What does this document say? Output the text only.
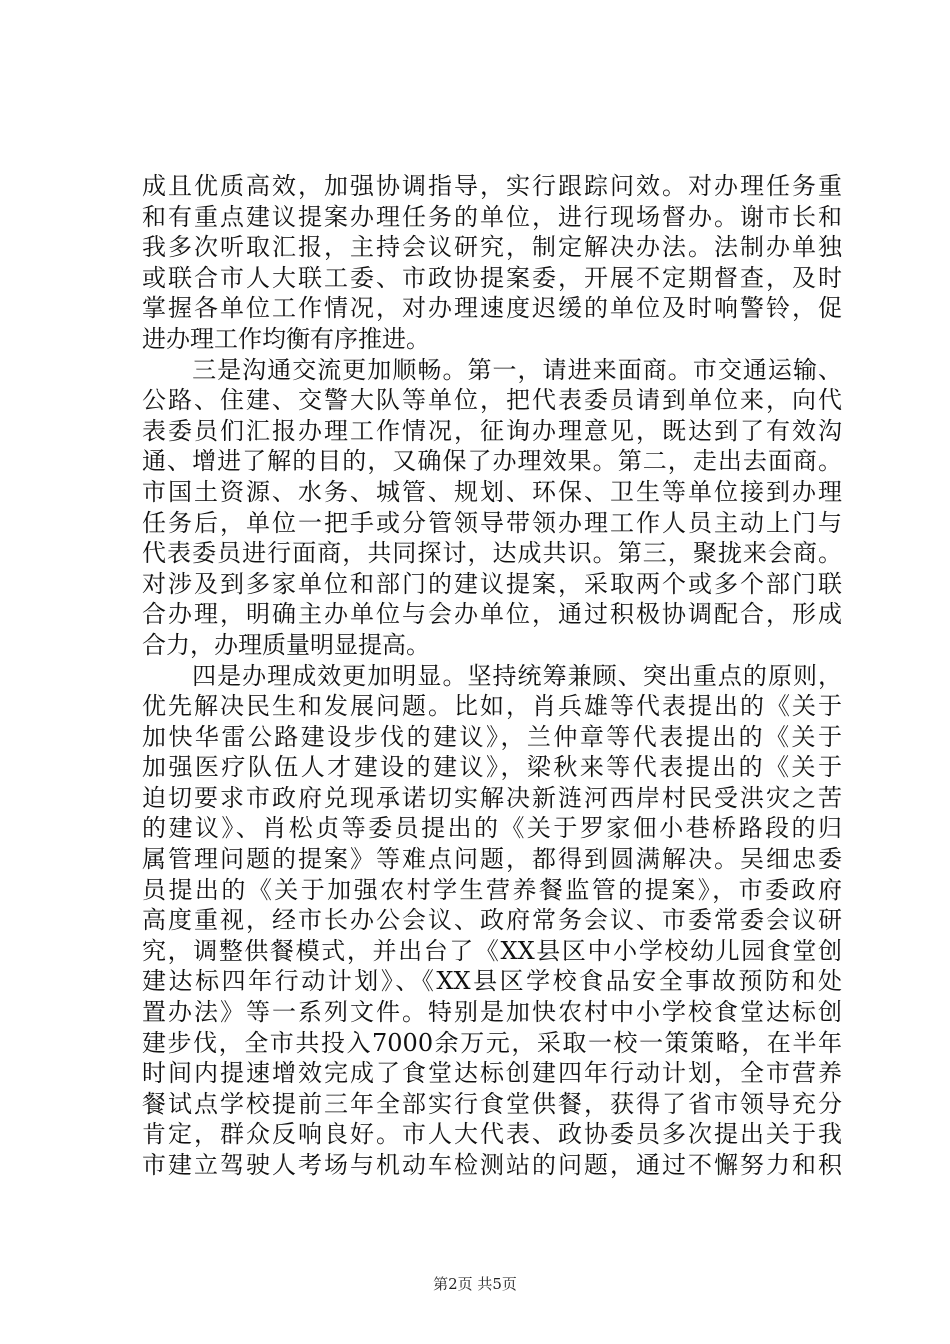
成且优质高效，加强协调指导，实行跟踪问效。对办理任务重
和有重点建议提案办理任务的单位，进行现场督办。谢市长和
我多次听取汇报，主持会议研究，制定解决办法。法制办单独
或联合市人大联工委、市政协提案委，开展不定期督查，及时
掌握各单位工作情况，对办理速度迟缓的单位及时响警铃，促
进办理工作均衡有序推进。
　　三是沟通交流更加顺畅。第一，请进来面商。市交通运输、
公路、住建、交警大队等单位，把代表委员请到单位来，向代
表委员们汇报办理工作情况，征询办理意见，既达到了有效沟
通、增进了解的目的，又确保了办理效果。第二，走出去面商。
市国土资源、水务、城管、规划、环保、卫生等单位接到办理
任务后，单位一把手或分管领导带领办理工作人员主动上门与
代表委员进行面商，共同探讨，达成共识。第三，聚拢来会商。
对涉及到多家单位和部门的建议提案，采取两个或多个部门联
合办理，明确主办单位与会办单位，通过积极协调配合，形成
合力，办理质量明显提高。
　　四是办理成效更加明显。坚持统筹兼顾、突出重点的原则，
优先解决民生和发展问题。比如，肖兵雄等代表提出的《关于
加快华雷公路建设步伐的建议》，兰仲章等代表提出的《关于
加强医疗队伍人才建设的建议》，梁秋来等代表提出的《关于
迫切要求市政府兑现承诺切实解决新涟河西岸村民受洪灾之苦
的建议》、肖松贞等委员提出的《关于罗家佃小巷桥路段的归
属管理问题的提案》等难点问题，都得到圆满解决。吴细忠委
员提出的《关于加强农村学生营养餐监管的提案》，市委政府
高度重视，经市长办公会议、政府常务会议、市委常委会议研
究，调整供餐模式，并出台了《XX县区中小学校幼儿园食堂创
建达标四年行动计划》、《XX县区学校食品安全事故预防和处
置办法》等一系列文件。特别是加快农村中小学校食堂达标创
建步伐，全市共投入7000余万元，采取一校一策策略，在半年
时间内提速增效完成了食堂达标创建四年行动计划，全市营养
餐试点学校提前三年全部实行食堂供餐，获得了省市领导充分
肯定，群众反响良好。市人大代表、政协委员多次提出关于我
市建立驾驶人考场与机动车检测站的问题，通过不懈努力和积
第2页 共5页
